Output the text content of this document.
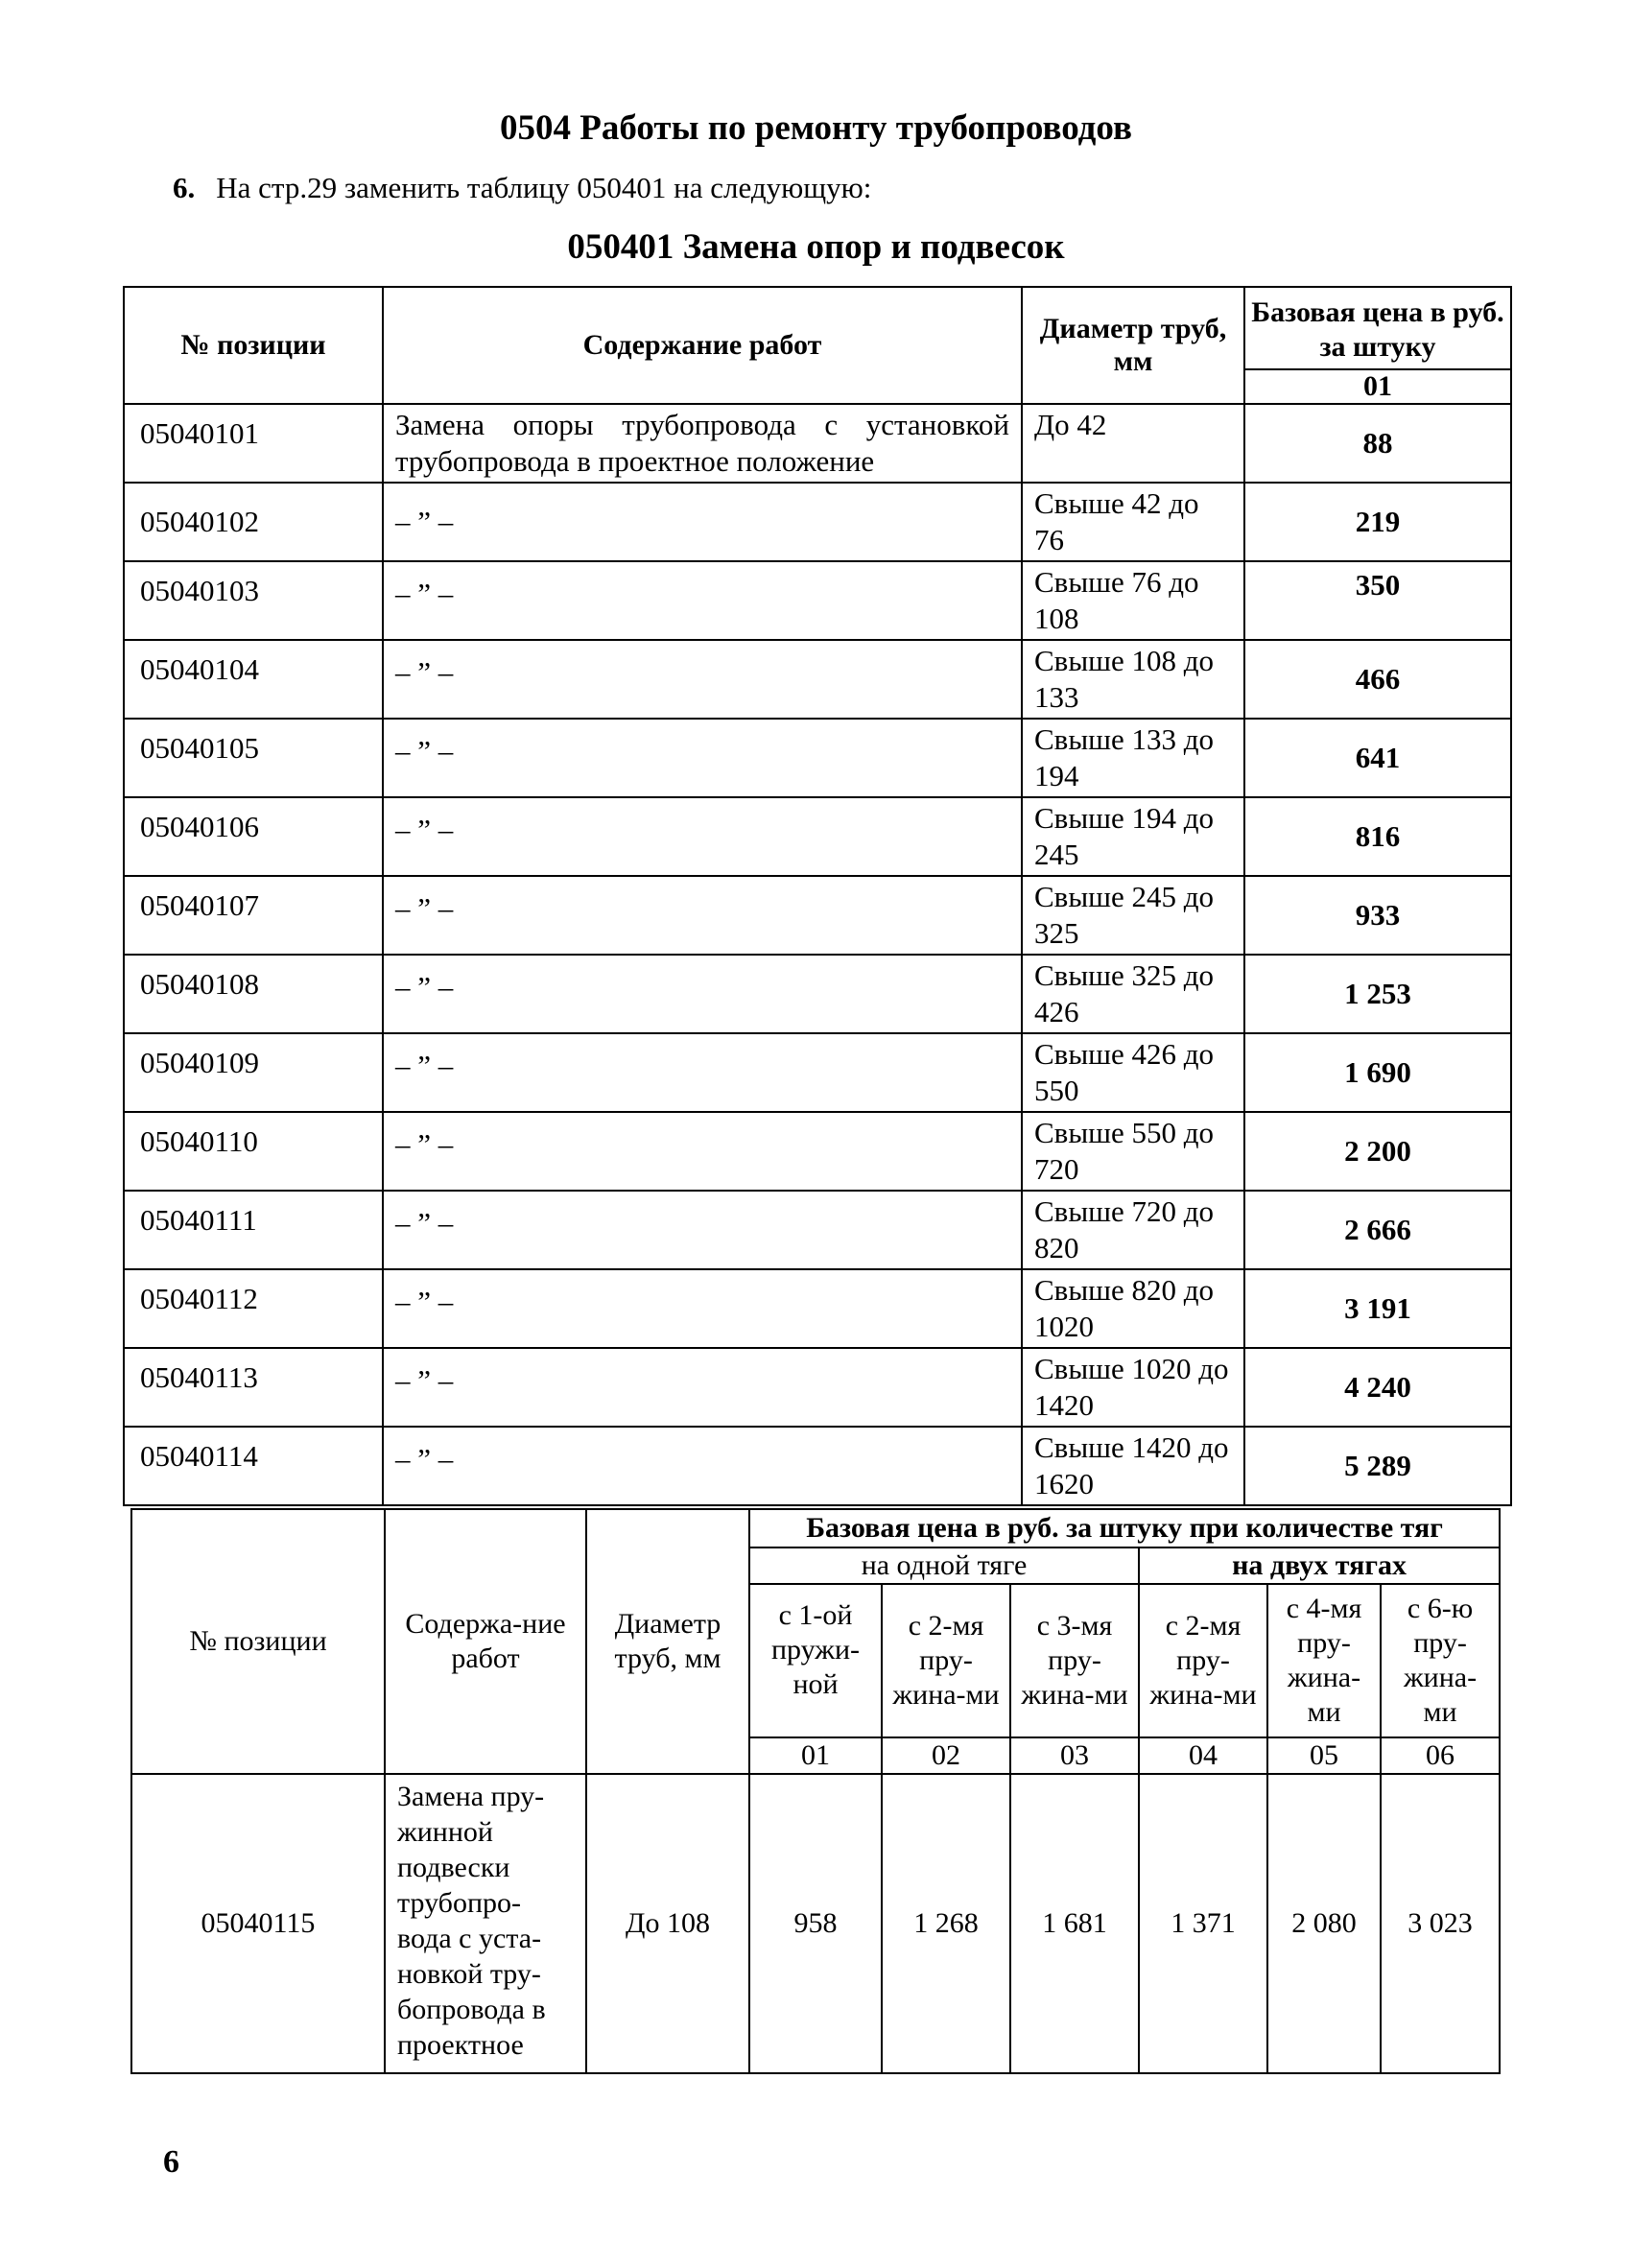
0504 Работы по ремонту трубопроводов
6. На стр.29 заменить таблицу 050401 на следующую:
050401 Замена опор и подвесок
№ позиции	Содержание работ	Диаметр труб, мм	Базовая цена в руб. за штуку
			01
05040101	Замена опоры трубопровода с установкой трубопровода в проектное положение	До 42	88
05040102	– ” –	Свыше 42 до 76	219
05040103	– ” –	Свыше 76 до 108	350
05040104	– ” –	Свыше 108 до 133	466
05040105	– ” –	Свыше 133 до 194	641
05040106	– ” –	Свыше 194 до 245	816
05040107	– ” –	Свыше 245 до 325	933
05040108	– ” –	Свыше 325 до 426	1 253
05040109	– ” –	Свыше 426 до 550	1 690
05040110	– ” –	Свыше 550 до 720	2 200
05040111	– ” –	Свыше 720 до 820	2 666
05040112	– ” –	Свыше 820 до 1020	3 191
05040113	– ” –	Свыше 1020 до 1420	4 240
05040114	– ” –	Свыше 1420 до 1620	5 289
№ позиции	Содержа-ние работ	Диаметр труб, мм	Базовая цена в руб. за штуку при количестве тяг					
			на одной тяге			на двух тягах		
			с 1-ой пружи-ной	с 2-мя пру-жина-ми	с 3-мя пру-жина-ми	с 2-мя пру-жина-ми	с 4-мя пру-жина-ми	с 6-ю пру-жина-ми
			01	02	03	04	05	06
05040115	Замена пру-жинной подвески трубопро-вода с уста-новкой тру-бопровода в проектное	До 108	958	1 268	1 681	1 371	2 080	3 023
6
